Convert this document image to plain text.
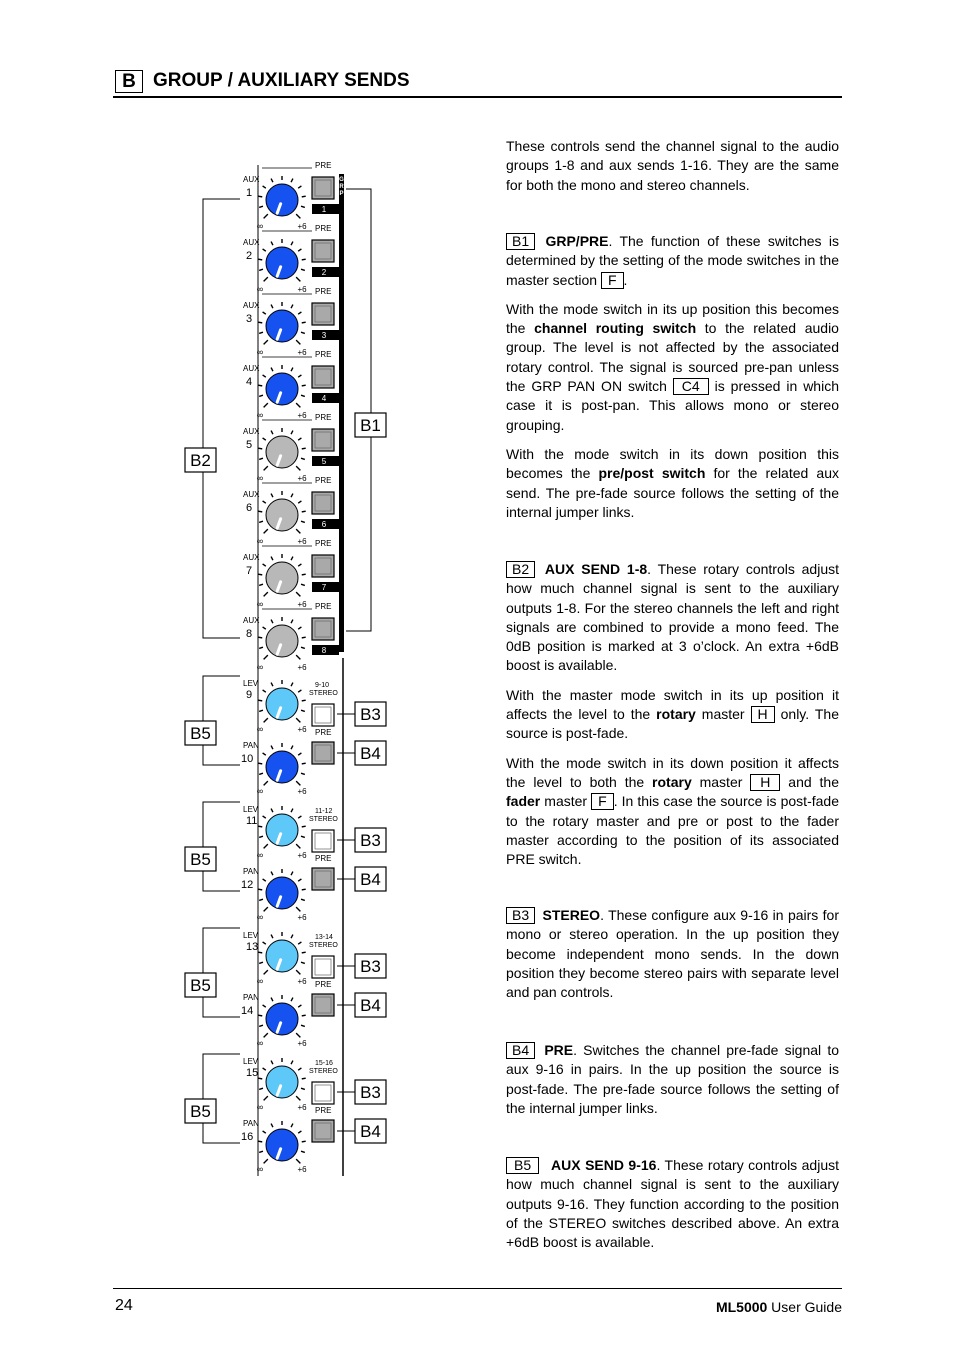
B GROUP / AUXILIARY SENDS
G
R
P
PRE
AUX
1
∞	+6
1
PRE
AUX
2
∞	+6
2
PRE
AUX
3
∞	+6
3
PRE
AUX
4
∞	+6
4
PRE
AUX
5
∞	+6
5
PRE
AUX
6
∞	+6
6
PRE
AUX
7
∞	+6
7
PRE
AUX
8
∞	+6
8
LEV	9-10
STEREO
9
∞	+6 PRE
PAN
10
∞	+6
B5
B3
B4
LEV	11-12
STEREO
11
∞	+6 PRE
PAN
12
∞	+6
B5
B3
B4
LEV	13-14
STEREO
13
∞	+6 PRE
PAN
14
∞	+6
B5
B3
B4
LEV	15-16
STEREO
15
∞	+6 PRE
PAN
16
∞	+6
B5
B3
B4
B2
B1

These controls send the channel signal to the audio groups 1-8 and aux sends 1-16. They are the same for both the mono and stereo channels.

B1 GRP/PRE. The function of these switches is determined by the setting of the mode switches in the master section F .

With the mode switch in its up position this becomes the channel routing switch to the related audio group. The level is not affected by the associated rotary control. The signal is sourced pre-pan unless the GRP PAN ON switch C4 is pressed in which case it is post-pan. This allows mono or stereo grouping.

With the mode switch in its down position this becomes the pre/post switch for the related aux send. The pre-fade source follows the setting of the internal jumper links.

B2 AUX SEND 1-8. These rotary controls adjust how much channel signal is sent to the auxiliary outputs 1-8. For the stereo channels the left and right signals are combined to provide a mono feed. The 0dB position is marked at 3 o’clock. An extra +6dB boost is available.

With the master mode switch in its up position it affects the level to the rotary master H only. The source is post-fade.

With the mode switch in its down position it affects the level to both the rotary master H and the fader master F . In this case the source is post-fade to the rotary master and pre or post to the fader master according to the position of its associated PRE switch.

B3 STEREO. These configure aux 9-16 in pairs for mono or stereo operation. In the up position they become independent mono sends. In the down position they become stereo pairs with separate level and pan controls.

B4 PRE. Switches the channel pre-fade signal to aux 9-16 in pairs. In the up position the source is post-fade. The pre-fade source follows the setting of the internal jumper links.

B5 AUX SEND 9-16. These rotary controls adjust how much channel signal is sent to the auxiliary outputs 9-16. They function according to the position of the STEREO switches described above. An extra +6dB boost is available.

24	ML5000 User Guide
